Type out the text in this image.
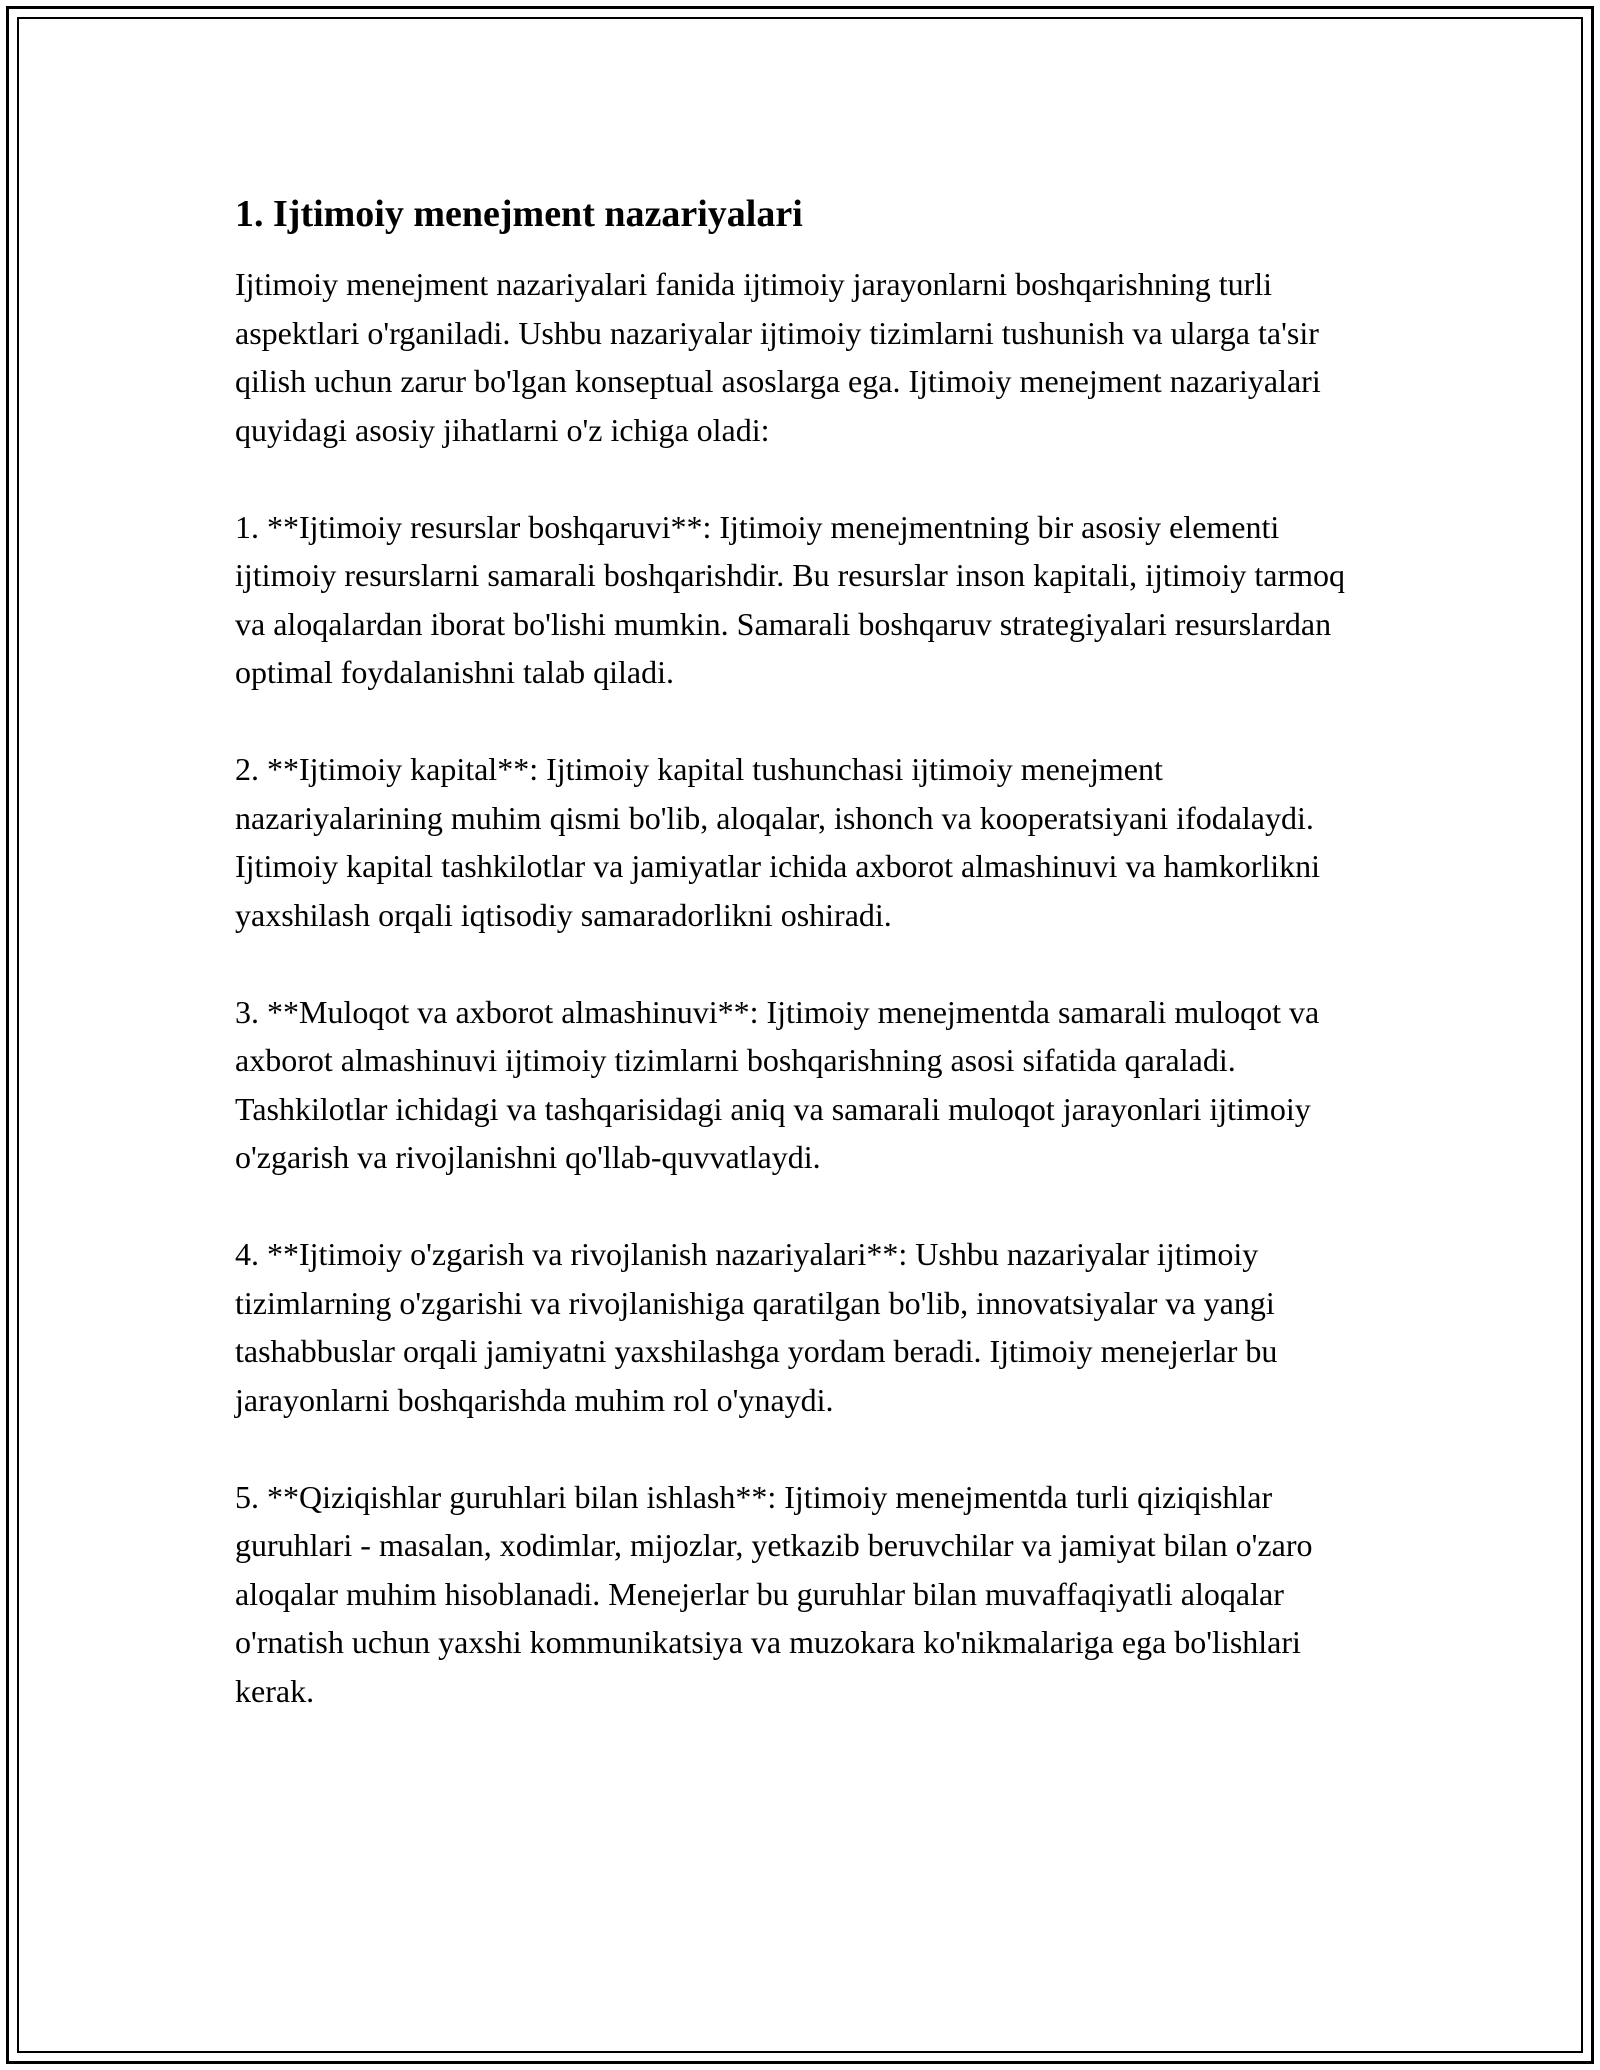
1. Ijtimoiy menejment nazariyalari

Ijtimoiy menejment nazariyalari fanida ijtimoiy jarayonlarni boshqarishning turli aspektlari o'rganiladi. Ushbu nazariyalar ijtimoiy tizimlarni tushunish va ularga ta'sir qilish uchun zarur bo'lgan konseptual asoslarga ega. Ijtimoiy menejment nazariyalari quyidagi asosiy jihatlarni o'z ichiga oladi:

1. **Ijtimoiy resurslar boshqaruvi**: Ijtimoiy menejmentning bir asosiy elementi ijtimoiy resurslarni samarali boshqarishdir. Bu resurslar inson kapitali, ijtimoiy tarmoq va aloqalardan iborat bo'lishi mumkin. Samarali boshqaruv strategiyalari resurslardan optimal foydalanishni talab qiladi.

2. **Ijtimoiy kapital**: Ijtimoiy kapital tushunchasi ijtimoiy menejment nazariyalarining muhim qismi bo'lib, aloqalar, ishonch va kooperatsiyani ifodalaydi. Ijtimoiy kapital tashkilotlar va jamiyatlar ichida axborot almashinuvi va hamkorlikni yaxshilash orqali iqtisodiy samaradorlikni oshiradi.

3. **Muloqot va axborot almashinuvi**: Ijtimoiy menejmentda samarali muloqot va axborot almashinuvi ijtimoiy tizimlarni boshqarishning asosi sifatida qaraladi. Tashkilotlar ichidagi va tashqarisidagi aniq va samarali muloqot jarayonlari ijtimoiy o'zgarish va rivojlanishni qo'llab-quvvatlaydi.

4. **Ijtimoiy o'zgarish va rivojlanish nazariyalari**: Ushbu nazariyalar ijtimoiy tizimlarning o'zgarishi va rivojlanishiga qaratilgan bo'lib, innovatsiyalar va yangi tashabbuslar orqali jamiyatni yaxshilashga yordam beradi. Ijtimoiy menejerlar bu jarayonlarni boshqarishda muhim rol o'ynaydi.

5. **Qiziqishlar guruhlari bilan ishlash**: Ijtimoiy menejmentda turli qiziqishlar guruhlari - masalan, xodimlar, mijozlar, yetkazib beruvchilar va jamiyat bilan o'zaro aloqalar muhim hisoblanadi. Menejerlar bu guruhlar bilan muvaffaqiyatli aloqalar o'rnatish uchun yaxshi kommunikatsiya va muzokara ko'nikmalariga ega bo'lishlari kerak.
